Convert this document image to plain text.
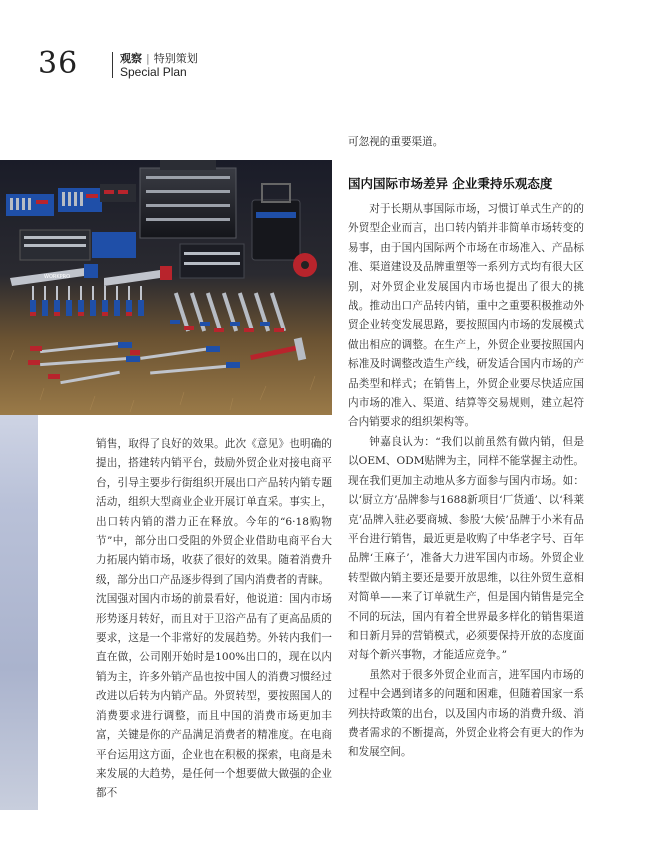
36	观察 | 特别策划
Special Plan
WORKPRO
可忽视的重要渠道。
国内国际市场差异 企业秉持乐观态度

销售，取得了良好的效果。此次《意见》也明确的提出，搭建转内销平台，鼓励外贸企业对接电商平台，引导主要步行街组织开展出口产品转内销专题活动，组织大型商业企业开展订单直采。事实上，出口转内销的潜力正在释放。今年的“6·18购物节”中，部分出口受阻的外贸企业借助电商平台大力拓展内销市场，收获了很好的效果。随着消费升级，部分出口产品逐步得到了国内消费者的青睐。

沈国强对国内市场的前景看好，他说道：国内市场形势逐月转好，而且对于卫浴产品有了更高品质的要求，这是一个非常好的发展趋势。外转内我们一直在做，公司刚开始时是100%出口的，现在以内销为主，许多外销产品也按中国人的消费习惯经过改进以后转为内销产品。外贸转型，要按照国人的消费要求进行调整，而且中国的消费市场更加丰富，关键是你的产品满足消费者的精准度。在电商平台运用这方面，企业也在积极的探索，电商是未来发展的大趋势，是任何一个想要做大做强的企业都不

对于长期从事国际市场，习惯订单式生产的的外贸型企业而言，出口转内销并非简单市场转变的易事，由于国内国际两个市场在市场准入、产品标准、渠道建设及品牌重塑等一系列方式均有很大区别，对外贸企业发展国内市场也提出了很大的挑战。推动出口产品转内销，重中之重要积极推动外贸企业转变发展思路，要按照国内市场的发展模式做出相应的调整。在生产上，外贸企业要按照国内标准及时调整改造生产线，研发适合国内市场的产品类型和样式；在销售上，外贸企业要尽快适应国内市场的准入、渠道、结算等交易规则，建立起符合内销要求的组织架构等。

钟嘉良认为：“我们以前虽然有做内销，但是以OEM、ODM贴牌为主，同样不能掌握主动性。现在我们更加主动地从多方面参与国内市场。如：以‘厨立方’品牌参与1688新项目‘厂货通’、以‘科莱克’品牌入驻必要商城、参股‘大候’品牌于小米有品平台进行销售，最近更是收购了中华老字号、百年品牌‘王麻子’，准备大力进军国内市场。外贸企业转型做内销主要还是要开放思维，以往外贸生意相对简单——来了订单就生产，但是国内销售是完全不同的玩法，国内有着全世界最多样化的销售渠道和日新月异的营销模式，必须要保持开放的态度面对每个新兴事物，才能适应竞争。”

虽然对于很多外贸企业而言，进军国内市场的过程中会遇到诸多的问题和困难，但随着国家一系列扶持政策的出台，以及国内市场的消费升级、消费者需求的不断提高，外贸企业将会有更大的作为和发展空间。
